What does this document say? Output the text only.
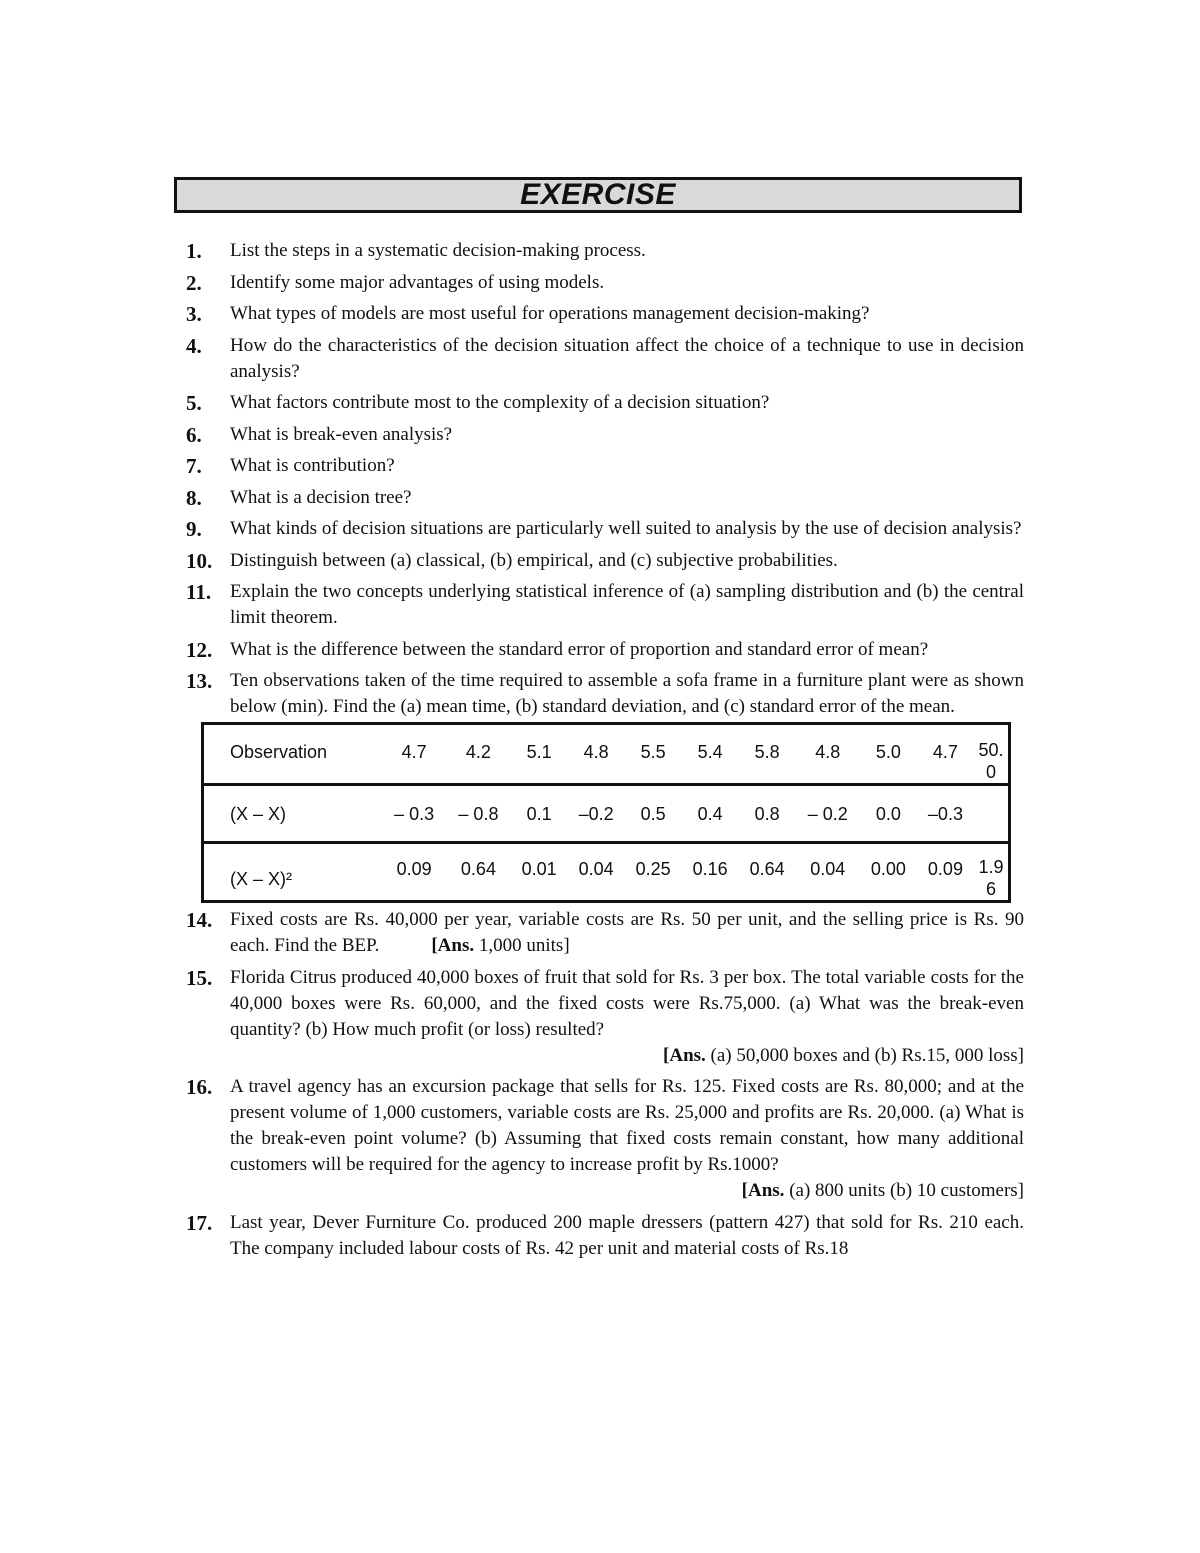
EXERCISE
1.	List the steps in a systematic decision-making process.
2.	Identify some major advantages of using models.
3.	What types of models are most useful for operations management decision-making?
4.	How do the characteristics of the decision situation affect the choice of a technique to use in decision analysis?
5.	What factors contribute most to the complexity of a decision situation?
6.	What is break-even analysis?
7.	What is contribution?
8.	What is a decision tree?
9.	What kinds of decision situations are particularly well suited to analysis by the use of decision analysis?
10. Distinguish between (a) classical, (b) empirical, and (c) subjective probabilities.
11. Explain the two concepts underlying statistical inference of (a) sampling distribution and (b) the central limit theorem.
12. What is the difference between the standard error of proportion and standard error of mean?
13. Ten observations taken of the time required to assemble a sofa frame in a furniture plant were as shown below (min). Find the (a) mean time, (b) standard deviation, and (c) standard error of the mean.
Observation	4.7	4.2	5.1	4.8	5.5	5.4	5.8	4.8	5.0	4.7	50.0
(X – X)	– 0.3	– 0.8	0.1	–0.2	0.5	0.4	0.8	– 0.2	0.0	–0.3	
(X – X)²	0.09	0.64	0.01	0.04	0.25	0.16	0.64	0.04	0.00	0.09	1.96
14. Fixed costs are Rs. 40,000 per year, variable costs are Rs. 50 per unit, and the selling price is Rs. 90 each. Find the BEP.	[Ans. 1,000 units]
15. Florida Citrus produced 40,000 boxes of fruit that sold for Rs. 3 per box. The total variable costs for the 40,000 boxes were Rs. 60,000, and the fixed costs were Rs.75,000. (a) What was the break-even quantity? (b) How much profit (or loss) resulted?
[Ans. (a) 50,000 boxes and (b) Rs.15, 000 loss]
16. A travel agency has an excursion package that sells for Rs. 125. Fixed costs are Rs. 80,000; and at the present volume of 1,000 customers, variable costs are Rs. 25,000 and profits are Rs. 20,000. (a) What is the break-even point volume? (b) Assuming that fixed costs remain constant, how many additional customers will be required for the agency to increase profit by Rs.1000?
[Ans. (a) 800 units (b) 10 customers]
17. Last year, Dever Furniture Co. produced 200 maple dressers (pattern 427) that sold for Rs. 210 each. The company included labour costs of Rs. 42 per unit and material costs of Rs.18
